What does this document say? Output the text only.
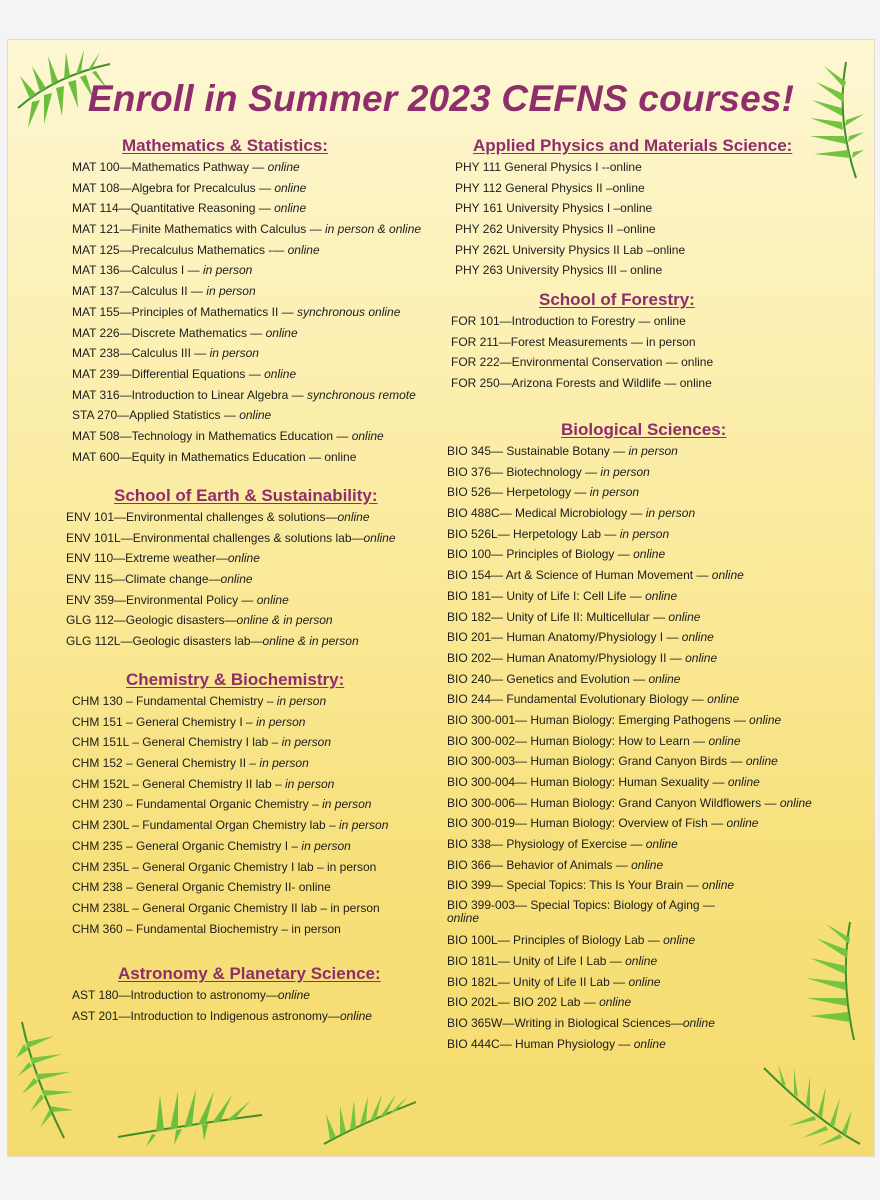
Enroll in Summer 2023 CEFNS courses!
Mathematics & Statistics:
MAT 100—Mathematics Pathway — online
MAT 108—Algebra for Precalculus — online
MAT 114—Quantitative Reasoning — online
MAT 121—Finite Mathematics with Calculus — in person & online
MAT 125—Precalculus Mathematics -— online
MAT 136—Calculus I — in person
MAT 137—Calculus II — in person
MAT 155—Principles of Mathematics II — synchronous online
MAT 226—Discrete Mathematics — online
MAT 238—Calculus III — in person
MAT 239—Differential Equations — online
MAT 316—Introduction to Linear Algebra — synchronous remote
STA 270—Applied Statistics — online
MAT 508—Technology in Mathematics Education — online
MAT 600—Equity in Mathematics Education — online
School of Earth & Sustainability:
ENV 101—Environmental challenges & solutions—online
ENV 101L—Environmental challenges & solutions lab—online
ENV 110—Extreme weather—online
ENV 115—Climate change—online
ENV 359—Environmental Policy — online
GLG 112—Geologic disasters—online & in person
GLG 112L—Geologic disasters lab—online & in person
Chemistry & Biochemistry:
CHM 130 – Fundamental Chemistry – in person
CHM 151 – General Chemistry I – in person
CHM 151L – General Chemistry I lab – in person
CHM 152 – General Chemistry II – in person
CHM 152L – General Chemistry II lab – in person
CHM 230 – Fundamental Organic Chemistry – in person
CHM 230L – Fundamental Organ Chemistry lab – in person
CHM 235 – General Organic Chemistry I – in person
CHM 235L – General Organic Chemistry I lab – in person
CHM 238 – General Organic Chemistry II- online
CHM 238L – General Organic Chemistry II lab – in person
CHM 360 – Fundamental Biochemistry – in person
Astronomy & Planetary Science:
AST 180—Introduction to astronomy—online
AST 201—Introduction to Indigenous astronomy—online
Applied Physics and Materials Science:
PHY 111 General Physics I --online
PHY 112 General Physics II –online
PHY 161 University Physics I –online
PHY 262 University Physics II –online
PHY 262L University Physics II Lab –online
PHY 263 University Physics III – online
School of Forestry:
FOR 101—Introduction to Forestry — online
FOR 211—Forest Measurements — in person
FOR 222—Environmental Conservation — online
FOR 250—Arizona Forests and Wildlife — online
Biological Sciences:
BIO 345— Sustainable Botany — in person
BIO 376— Biotechnology — in person
BIO 526— Herpetology — in person
BIO 488C— Medical Microbiology — in person
BIO 526L— Herpetology Lab — in person
BIO 100— Principles of Biology — online
BIO 154— Art & Science of Human Movement — online
BIO 181— Unity of Life I: Cell Life — online
BIO 182— Unity of Life II: Multicellular — online
BIO 201— Human Anatomy/Physiology I — online
BIO 202— Human Anatomy/Physiology II — online
BIO 240— Genetics and Evolution — online
BIO 244— Fundamental Evolutionary Biology — online
BIO 300-001— Human Biology: Emerging Pathogens — online
BIO 300-002— Human Biology: How to Learn — online
BIO 300-003— Human Biology: Grand Canyon Birds — online
BIO 300-004— Human Biology: Human Sexuality — online
BIO 300-006— Human Biology: Grand Canyon Wildflowers — online
BIO 300-019— Human Biology: Overview of Fish — online
BIO 338— Physiology of Exercise — online
BIO 366— Behavior of Animals — online
BIO 399— Special Topics: This Is Your Brain — online
BIO 399-003— Special Topics: Biology of Aging —
online
BIO 100L— Principles of Biology Lab — online
BIO 181L— Unity of Life I Lab — online
BIO 182L— Unity of Life II Lab — online
BIO 202L— BIO 202 Lab — online
BIO 365W—Writing in Biological Sciences—online
BIO 444C— Human Physiology — online
